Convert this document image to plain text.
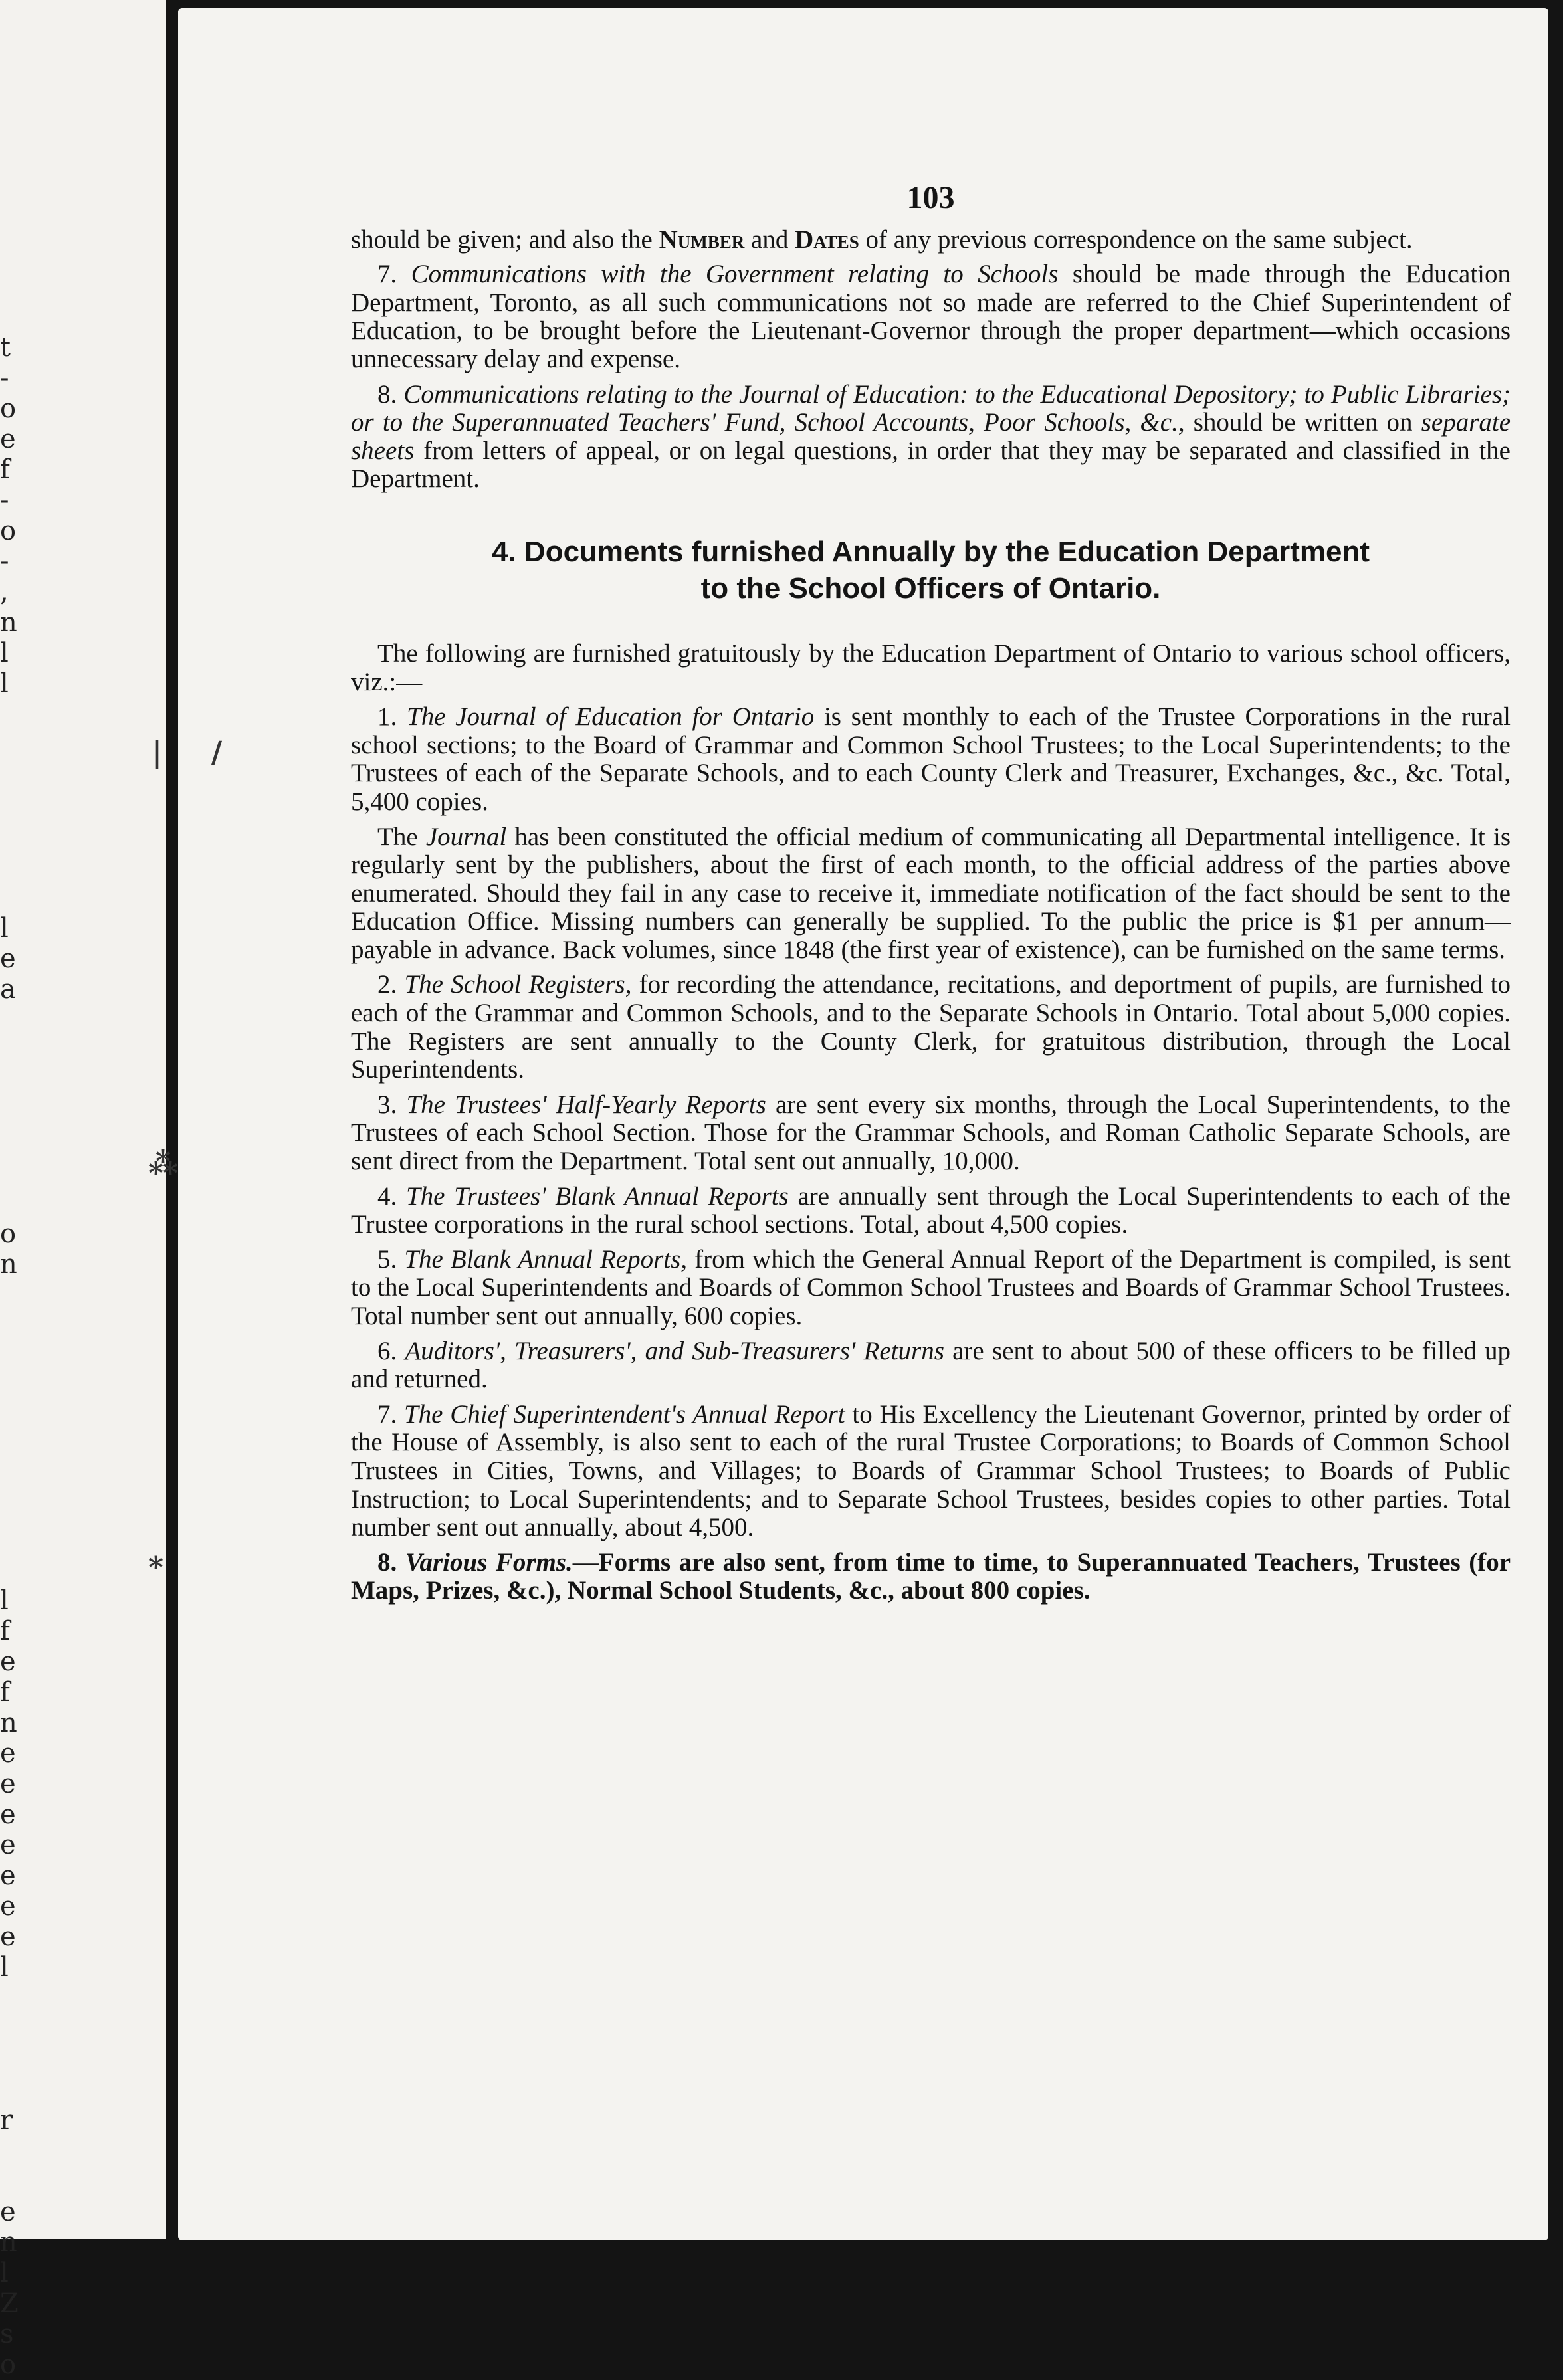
t
-
o
e
f
-
o
-
,
n
l
l

l
e
a

o
n

l
f
e
f
n
e
e
e
e
e
e
e
l

r

e
n
l
Z
s
o
| /
⁂
⁎
103

should be given; and also the Number and Dates of any previous correspondence on the same subject.

7. Communications with the Government relating to Schools should be made through the Education Department, Toronto, as all such communications not so made are referred to the Chief Superintendent of Education, to be brought before the Lieutenant-Governor through the proper department—which occasions unnecessary delay and expense.

8. Communications relating to the Journal of Education: to the Educational Depository; to Public Libraries; or to the Superannuated Teachers' Fund, School Accounts, Poor Schools, &c., should be written on separate sheets from letters of appeal, or on legal questions, in order that they may be separated and classified in the Department.

4. Documents furnished Annually by the Education Department
to the School Officers of Ontario.

The following are furnished gratuitously by the Education Department of Ontario to various school officers, viz.:—

1. The Journal of Education for Ontario is sent monthly to each of the Trustee Corporations in the rural school sections; to the Board of Grammar and Common School Trustees; to the Local Superintendents; to the Trustees of each of the Separate Schools, and to each County Clerk and Treasurer, Exchanges, &c., &c. Total, 5,400 copies.

The Journal has been constituted the official medium of communicating all Departmental intelligence. It is regularly sent by the publishers, about the first of each month, to the official address of the parties above enumerated. Should they fail in any case to receive it, immediate notification of the fact should be sent to the Education Office. Missing numbers can generally be supplied. To the public the price is $1 per annum—payable in advance. Back volumes, since 1848 (the first year of existence), can be furnished on the same terms.

2. The School Registers, for recording the attendance, recitations, and deportment of pupils, are furnished to each of the Grammar and Common Schools, and to the Separate Schools in Ontario. Total about 5,000 copies. The Registers are sent annually to the County Clerk, for gratuitous distribution, through the Local Superintendents.

3. The Trustees' Half-Yearly Reports are sent every six months, through the Local Superintendents, to the Trustees of each School Section. Those for the Grammar Schools, and Roman Catholic Separate Schools, are sent direct from the Department. Total sent out annually, 10,000.

4. The Trustees' Blank Annual Reports are annually sent through the Local Superintendents to each of the Trustee corporations in the rural school sections. Total, about 4,500 copies.

5. The Blank Annual Reports, from which the General Annual Report of the Department is compiled, is sent to the Local Superintendents and Boards of Common School Trustees and Boards of Grammar School Trustees. Total number sent out annually, 600 copies.

6. Auditors', Treasurers', and Sub-Treasurers' Returns are sent to about 500 of these officers to be filled up and returned.

7. The Chief Superintendent's Annual Report to His Excellency the Lieutenant Governor, printed by order of the House of Assembly, is also sent to each of the rural Trustee Corporations; to Boards of Common School Trustees in Cities, Towns, and Villages; to Boards of Grammar School Trustees; to Boards of Public Instruction; to Local Superintendents; and to Separate School Trustees, besides copies to other parties. Total number sent out annually, about 4,500.

8. Various Forms.—Forms are also sent, from time to time, to Superannuated Teachers, Trustees (for Maps, Prizes, &c.), Normal School Students, &c., about 800 copies.
